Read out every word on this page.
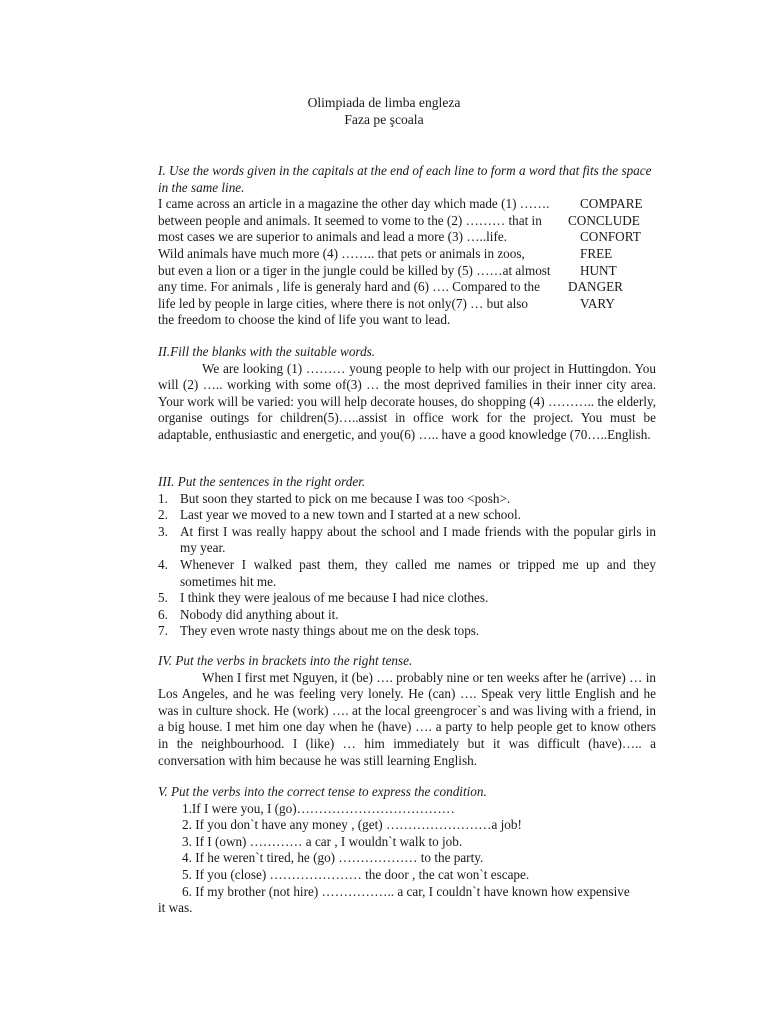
Olimpiada de limba engleza
Faza pe şcoala
I. Use the words given in the capitals at the end of each line to form a word that fits the space in the same line.
I came across an article in a magazine the other day which made (1) …….	COMPARE
between people and animals. It seemed to vome to the (2) ……… that in	CONCLUDE
most cases we are superior to animals and lead a more (3) …..life.	CONFORT
Wild animals have much more (4) …….. that pets or animals in zoos,	FREE
but even a lion or a tiger in the jungle could be killed by (5) ……at almost	HUNT
any time. For animals , life is generaly hard and (6) …. Compared to the	DANGER
life led by people in large cities, where there is not only(7) … but also	VARY
the freedom to choose the kind of life you want to lead.
II.Fill the blanks with the suitable words.
We are looking (1) ……… young people to help with our project in Huttingdon. You will (2) ….. working with some of(3) … the most deprived families in their inner city area. Your work will be varied: you will help decorate houses, do shopping (4) ……….. the elderly, organise outings for children(5)…..assist in office work for the project. You must be adaptable, enthusiastic and energetic, and you(6) ….. have a good knowledge (70…..English.
III. Put the sentences in the right order.
1. But soon they started to pick on me because I was too <posh>.
2. Last year we moved to a new town and I started at a new school.
3. At first I was really happy about the school and I made friends with the popular girls in my year.
4. Whenever I walked past them, they called me names or tripped me up and they sometimes hit me.
5. I think they were jealous of me because I had nice clothes.
6. Nobody did anything about it.
7. They even wrote nasty things about me on the desk tops.
IV. Put the verbs in brackets into the right tense.
When I first met Nguyen, it (be) …. probably nine or ten weeks after he (arrive) … in Los Angeles, and he was feeling very lonely. He (can) …. Speak very little English and he was in culture shock. He (work) …. at the local greengrocer`s and was living with a friend, in a big house. I met him one day when he (have) …. a party to help people get to know others in the neighbourhood. I (like) … him immediately but it was difficult (have)….. a conversation with him because he was still learning English.
V. Put the verbs into the correct tense to express the condition.
1.If I were you, I (go)………………………………
2. If you don`t have any money , (get) ……………………a job!
3. If I (own) ………… a car , I wouldn`t walk to job.
4. If he weren`t tired, he (go) ……………… to the party.
5. If you (close) ………………… the door , the cat won`t escape.
6. If my brother (not hire) …………….. a car, I couldn`t have known how expensive
it was.
